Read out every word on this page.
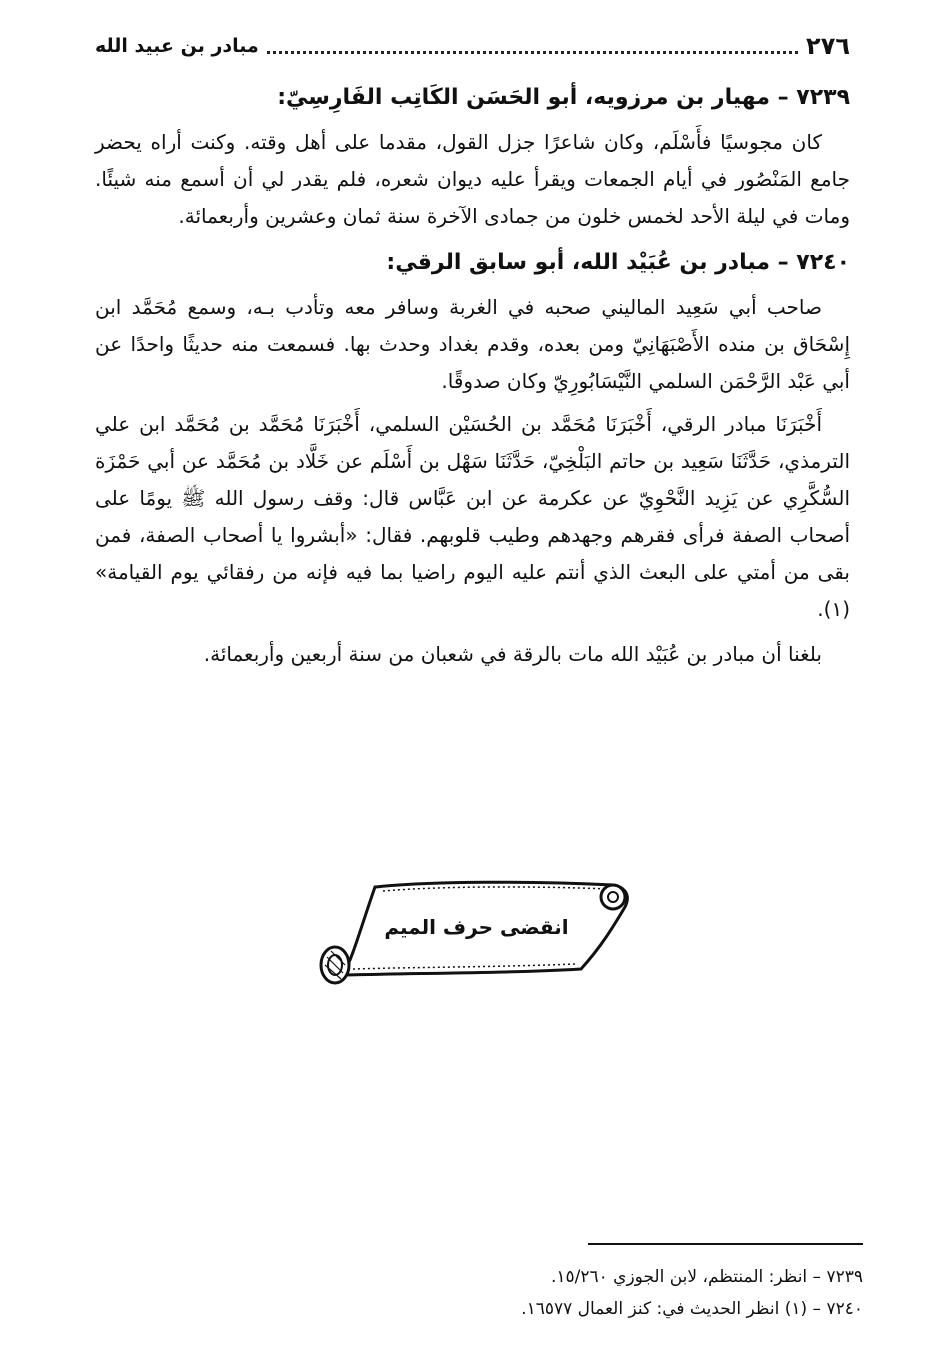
٢٧٦
مبادر بن عبيد الله
٧٢٣٩ – مهيار بن مرزويه، أبو الحَسَن الكَاتِب الفَارِسِيّ:

كان مجوسيًا فأَسْلَم، وكان شاعرًا جزل القول، مقدما على أهل وقته. وكنت أراه يحضر جامع المَنْصُور في أيام الجمعات ويقرأ عليه ديوان شعره، فلم يقدر لي أن أسمع منه شيئًا. ومات في ليلة الأحد لخمس خلون من جمادى الآخرة سنة ثمان وعشرين وأربعمائة.

٧٢٤٠ – مبادر بن عُبَيْد الله، أبو سابق الرقي:

صاحب أبي سَعِيد الماليني صحبه في الغربة وسافر معه وتأدب بـه، وسمع مُحَمَّد ابن إِسْحَاق بن منده الأَصْبَهَانِيّ ومن بعده، وقدم بغداد وحدث بها. فسمعت منه حديثًا واحدًا عن أبي عَبْد الرَّحْمَن السلمي النَّيْسَابُورِيّ وكان صدوقًا.

أَخْبَرَنَا مبادر الرقي، أَخْبَرَنَا مُحَمَّد بن الحُسَيْن السلمي، أَخْبَرَنَا مُحَمَّد بن مُحَمَّد ابن علي الترمذي، حَدَّثَنَا سَعِيد بن حاتم البَلْخِيّ، حَدَّثَنَا سَهْل بن أَسْلَم عن خَلَّاد بن مُحَمَّد عن أبي حَمْزَة السُّكَّرِي عن يَزِيد النَّحْوِيّ عن عكرمة عن ابن عَبَّاس قال: وقف رسول الله ﷺ يومًا على أصحاب الصفة فرأى فقرهم وجهدهم وطيب قلوبهم. فقال: «أبشروا يا أصحاب الصفة، فمن بقى من أمتي على البعث الذي أنتم عليه اليوم راضيا بما فيه فإنه من رفقائي يوم القيامة» (١).

بلغنا أن مبادر بن عُبَيْد الله مات بالرقة في شعبان من سنة أربعين وأربعمائة.

انقضى حرف الميم
٧٢٣٩ – انظر: المنتظم، لابن الجوزي ١٥/٢٦٠.
٧٢٤٠ – (١) انظر الحديث في: كنز العمال ١٦٥٧٧.
